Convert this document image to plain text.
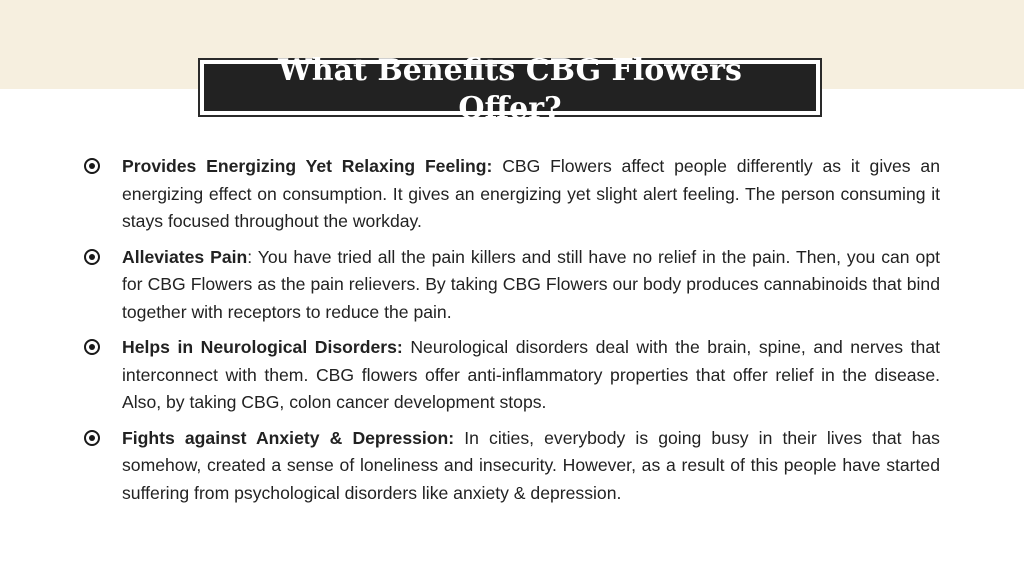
What Benefits CBG Flowers Offer?
Provides Energizing Yet Relaxing Feeling: CBG Flowers affect people differently as it gives an energizing effect on consumption. It gives an energizing yet slight alert feeling. The person consuming it stays focused throughout the workday.
Alleviates Pain: You have tried all the pain killers and still have no relief in the pain. Then, you can opt for CBG Flowers as the pain relievers. By taking CBG Flowers our body produces cannabinoids that bind together with receptors to reduce the pain.
Helps in Neurological Disorders: Neurological disorders deal with the brain, spine, and nerves that interconnect with them. CBG flowers offer anti-inflammatory properties that offer relief in the disease. Also, by taking CBG, colon cancer development stops.
Fights against Anxiety & Depression: In cities, everybody is going busy in their lives that has somehow, created a sense of loneliness and insecurity. However, as a result of this people have started suffering from psychological disorders like anxiety & depression.
